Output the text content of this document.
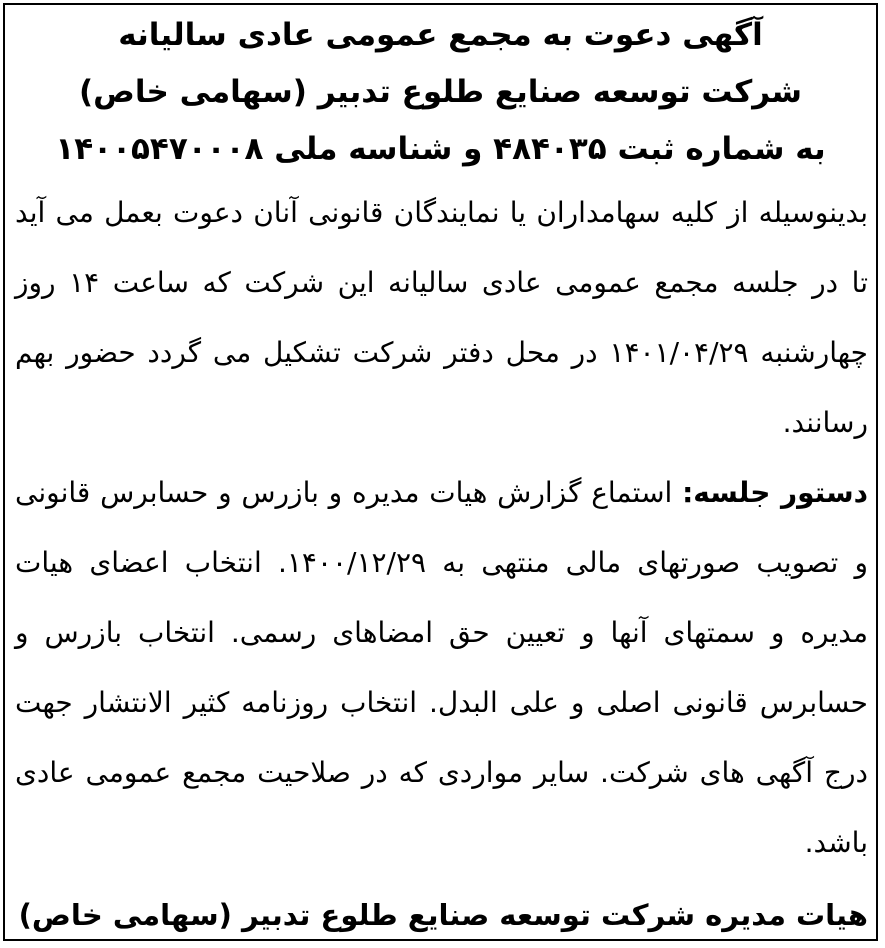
آگهی دعوت به مجمع عمومی عادی سالیانه
شرکت توسعه صنایع طلوع تدبیر (سهامی خاص)
به شماره ثبت ۴۸۴۰۳۵ و شناسه ملی ۱۴۰۰۵۴۷۰۰۰۸

بدینوسیله از کلیه سهامداران یا نمایندگان قانونی آنان دعوت بعمل می آید تا در جلسه مجمع عمومی عادی سالیانه این شرکت که ساعت ۱۴ روز چهارشنبه ۱۴۰۱/۰۴/۲۹ در محل دفتر شرکت تشکیل می گردد حضور بهم رسانند.

دستور جلسه: استماع گزارش هیات مدیره و بازرس و حسابرس قانونی و تصویب صورتهای مالی منتهی به ۱۴۰۰/۱۲/۲۹. انتخاب اعضای هیات مدیره و سمتهای آنها و تعیین حق امضاهای رسمی. انتخاب بازرس و حسابرس قانونی اصلی و علی البدل. انتخاب روزنامه کثیر الانتشار جهت درج آگهی های شرکت. سایر مواردی که در صلاحیت مجمع عمومی عادی باشد.

هیات مدیره شرکت توسعه صنایع طلوع تدبیر (سهامی خاص)
